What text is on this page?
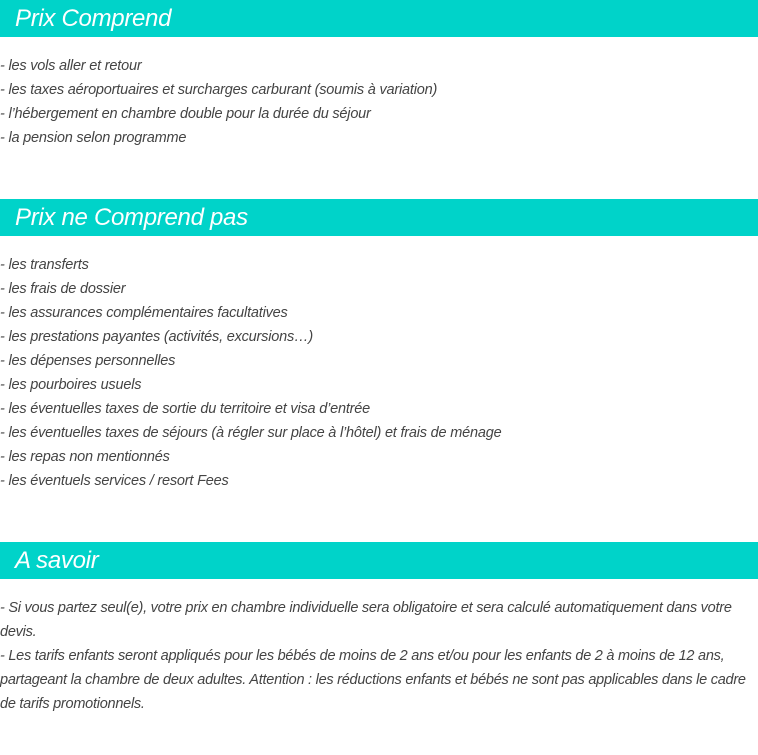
Prix Comprend
- les vols aller et retour
- les taxes aéroportuaires et surcharges carburant (soumis à variation)
- l’hébergement en chambre double pour la durée du séjour
- la pension selon programme
Prix ne Comprend pas
- les transferts
- les frais de dossier
- les assurances complémentaires facultatives
- les prestations payantes (activités, excursions…)
- les dépenses personnelles
- les pourboires usuels
- les éventuelles taxes de sortie du territoire et visa d’entrée
- les éventuelles taxes de séjours (à régler sur place à l’hôtel) et frais de ménage
- les repas non mentionnés
- les éventuels services / resort Fees
A savoir

- Si vous partez seul(e), votre prix en chambre individuelle sera obligatoire et sera calculé automatiquement dans votre devis.

- Les tarifs enfants seront appliqués pour les bébés de moins de 2 ans et/ou pour les enfants de 2 à moins de 12 ans, partageant la chambre de deux adultes. Attention : les réductions enfants et bébés ne sont pas applicables dans le cadre de tarifs promotionnels.
